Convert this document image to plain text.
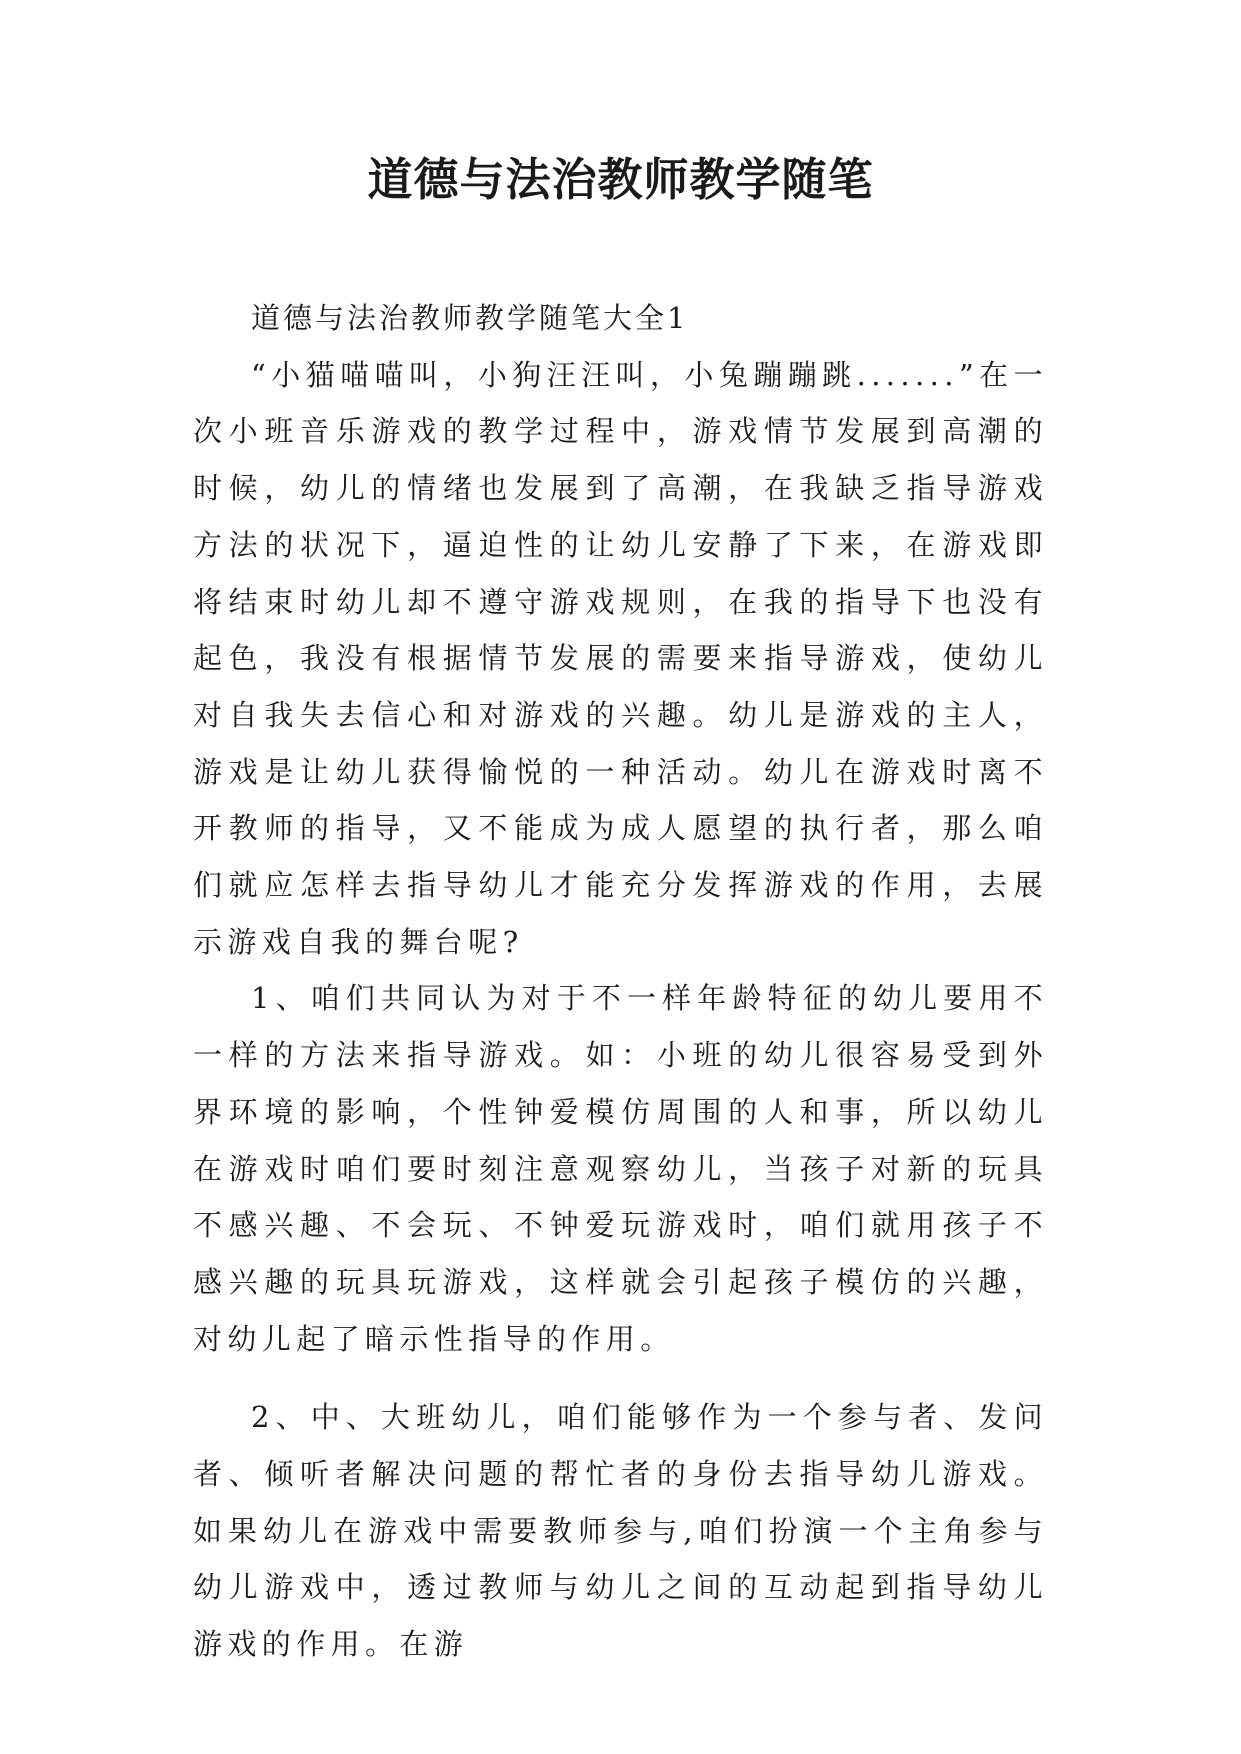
道德与法治教师教学随笔

道德与法治教师教学随笔大全1

“小猫喵喵叫，小狗汪汪叫，小兔蹦蹦跳.......”在一次小班音乐游戏的教学过程中，游戏情节发展到高潮的时候，幼儿的情绪也发展到了高潮，在我缺乏指导游戏方法的状况下，逼迫性的让幼儿安静了下来，在游戏即将结束时幼儿却不遵守游戏规则，在我的指导下也没有起色，我没有根据情节发展的需要来指导游戏，使幼儿对自我失去信心和对游戏的兴趣。幼儿是游戏的主人，游戏是让幼儿获得愉悦的一种活动。幼儿在游戏时离不开教师的指导，又不能成为成人愿望的执行者，那么咱们就应怎样去指导幼儿才能充分发挥游戏的作用，去展示游戏自我的舞台呢?

1、咱们共同认为对于不一样年龄特征的幼儿要用不一样的方法来指导游戏。如：小班的幼儿很容易受到外界环境的影响，个性钟爱模仿周围的人和事，所以幼儿在游戏时咱们要时刻注意观察幼儿，当孩子对新的玩具不感兴趣、不会玩、不钟爱玩游戏时，咱们就用孩子不感兴趣的玩具玩游戏，这样就会引起孩子模仿的兴趣，对幼儿起了暗示性指导的作用。

2、中、大班幼儿，咱们能够作为一个参与者、发问者、倾听者解决问题的帮忙者的身份去指导幼儿游戏。如果幼儿在游戏中需要教师参与,咱们扮演一个主角参与幼儿游戏中，透过教师与幼儿之间的互动起到指导幼儿游戏的作用。在游
